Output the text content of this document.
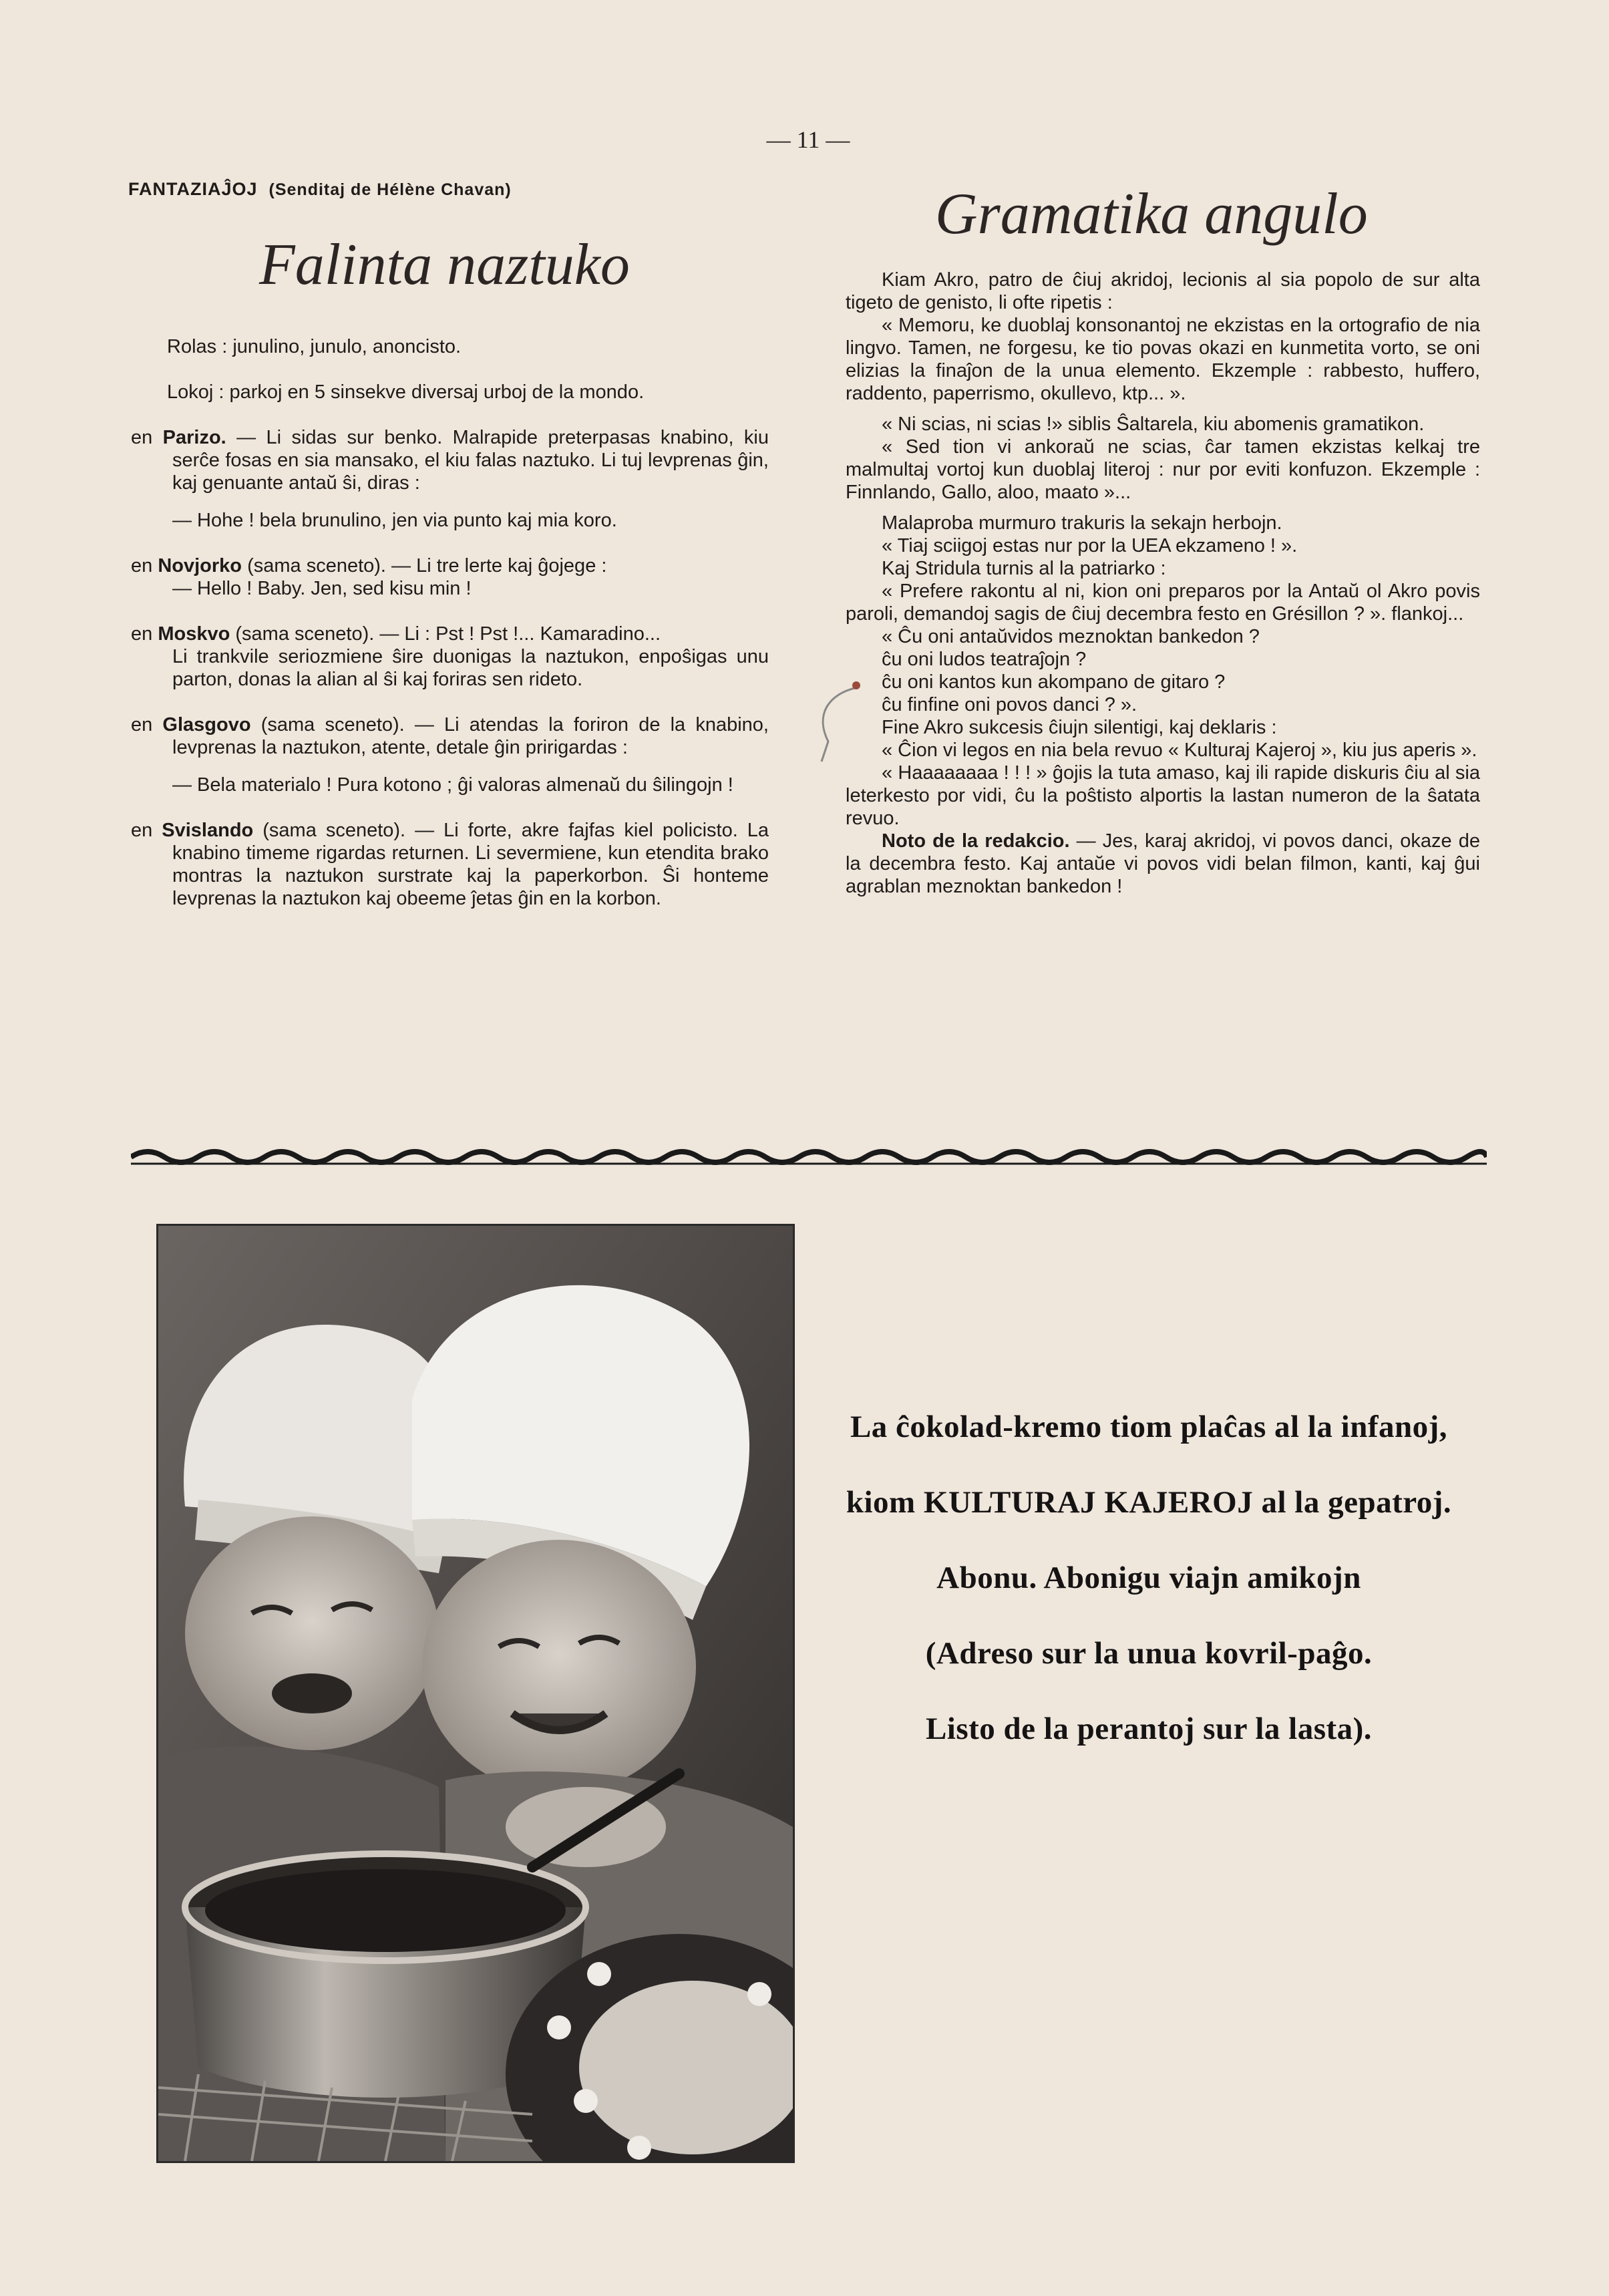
— 11 —
FANTAZIAĴOJ (Senditaj de Hélène Chavan)
Falinta naztuko

Rolas : junulino, junulo, anoncisto.

Lokoj : parkoj en 5 sinsekve diversaj urboj de la mondo.

en Parizo. — Li sidas sur benko. Malrapide preterpasas knabino, kiu serĉe fosas en sia mansako, el kiu falas naztuko. Li tuj levprenas ĝin, kaj genuante antaŭ ŝi, diras :

— Hohe ! bela brunulino, jen via punto kaj mia koro.

en Novjorko (sama sceneto). — Li tre lerte kaj ĝojege :

— Hello ! Baby. Jen, sed kisu min !

en Moskvo (sama sceneto). — Li : Pst ! Pst !... Kamaradino...

Li trankvile seriozmiene ŝire duonigas la naztukon, enpoŝigas unu parton, donas la alian al ŝi kaj foriras sen rideto.

en Glasgovo (sama sceneto). — Li atendas la foriron de la knabino, levprenas la naztukon, atente, detale ĝin pririgardas :

— Bela materialo ! Pura kotono ; ĝi valoras almenaŭ du ŝilingojn !

en Svislando (sama sceneto). — Li forte, akre fajfas kiel policisto. La knabino timeme rigardas returnen. Li severmiene, kun etendita brako montras la naztukon surstrate kaj la paperkorbon. Ŝi honteme levprenas la naztukon kaj obeeme ĵetas ĝin en la korbon.

Gramatika angulo

Kiam Akro, patro de ĉiuj akridoj, lecionis al sia popolo de sur alta tigeto de genisto, li ofte ripetis :

« Memoru, ke duoblaj konsonantoj ne ekzistas en la ortografio de nia lingvo. Tamen, ne forgesu, ke tio povas okazi en kunmetita vorto, se oni elizias la finaĵon de la unua elemento. Ekzemple : rabbesto, huffero, raddento, paperrismo, okullevo, ktp... ».

« Ni scias, ni scias !» siblis Ŝaltarela, kiu abomenis gramatikon.

« Sed tion vi ankoraŭ ne scias, ĉar tamen ekzistas kelkaj tre malmultaj vortoj kun duoblaj literoj : nur por eviti konfuzon. Ekzemple : Finnlando, Gallo, aloo, maato »...

Malaproba murmuro trakuris la sekajn herbojn.

« Tiaj sciigoj estas nur por la UEA ekzameno ! ».

Kaj Stridula turnis al la patriarko :

« Prefere rakontu al ni, kion oni preparos por la Antaŭ ol Akro povis paroli, demandoj sagis de ĉiuj decembra festo en Grésillon ? ». flankoj...

« Ĉu oni antaŭvidos meznoktan bankedon ?

ĉu oni ludos teatraĵojn ?

ĉu oni kantos kun akompano de gitaro ?

ĉu finfine oni povos danci ? ».

Fine Akro sukcesis ĉiujn silentigi, kaj deklaris :

« Ĉion vi legos en nia bela revuo « Kulturaj Kajeroj », kiu jus aperis ».

« Haaaaaaaa ! ! ! » ĝojis la tuta amaso, kaj ili rapide diskuris ĉiu al sia leterkesto por vidi, ĉu la poŝtisto alportis la lastan numeron de la ŝatata revuo.

Noto de la redakcio. — Jes, karaj akridoj, vi povos danci, okaze de la decembra festo. Kaj antaŭe vi povos vidi belan filmon, kanti, kaj ĝui agrablan meznoktan bankedon !

La ĉokolad-kremo tiom plaĉas al la infanoj,
kiom KULTURAJ KAJEROJ al la gepatroj.
Abonu. Abonigu viajn amikojn
(Adreso sur la unua kovril-paĝo.
Listo de la perantoj sur la lasta).
